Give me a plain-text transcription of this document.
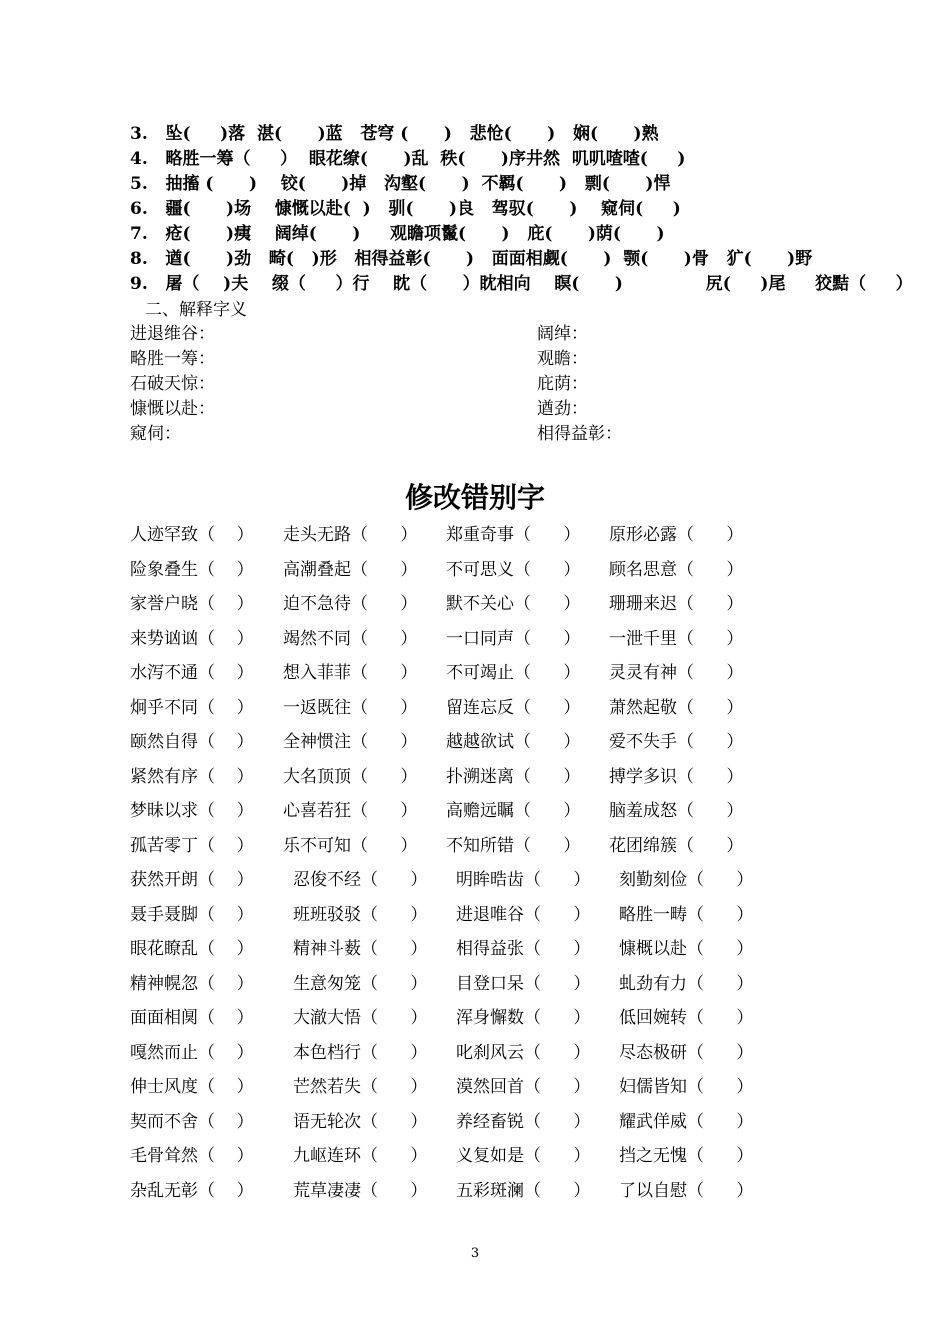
3.   坠(     )落  湛(      )蓝   苍穹 (      )   悲怆(      )   娴(      )熟
4.   略胜一筹（     ）  眼花缭(      )乱  秩(      )序井然  叽叽喳喳(     )
5.   抽搐 (      )    铰(      )掉   沟壑(      )  不羁(      )   剽(      )悍
6.   疆(      )场    慷慨以赴(  )   驯(      )良   驾驭(      )    窥伺(     )
7.   疮(      )痍    阔绰(      )     观瞻项鬣(      )   庇(      )荫(      )
8.   遒(      )劲   畸(   )形   相得益彰(      )   面面相觑(      )  颚(      )骨   犷(      )野
9.   屠（    )夫    缀（     ）行    眈（      ）眈相向    瞑(      )              尻(     )尾     狡黠（     ）
二、解释字义
进退维谷：	阔绰：
略胜一筹：	观瞻：
石破天惊：	庇荫：
慷慨以赴：	遒劲：
窥伺：	相得益彰：
修改错别字
人迹罕致（    ） 走头无路（      ） 郑重奇事（      ） 原形必露（      ）
险象叠生（    ） 高潮叠起（      ） 不可思义（      ） 顾名思意（      ）
家誉户晓（    ） 迫不急待（      ） 默不关心（      ） 珊珊来迟（      ）
来势讻讻（    ） 竭然不同（      ） 一口同声（      ） 一泄千里（      ）
水泻不通（    ） 想入菲菲（      ） 不可竭止（      ） 灵灵有神（      ）
炯乎不同（    ） 一返既往（      ） 留连忘反（      ） 萧然起敬（      ）
颐然自得（    ） 全神惯注（      ） 越越欲试（      ） 爱不失手（      ）
紧然有序（    ） 大名顶顶（      ） 扑溯迷离（      ） 搏学多识（      ）
梦昧以求（    ） 心喜若狂（      ） 高赡远瞩（      ） 脑羞成怒（      ）
孤苦零丁（    ） 乐不可知（      ） 不知所错（      ） 花团绵簇（      ）
获然开朗（    ） 忍俊不经（      ） 明眸晧齿（      ） 刻勤刻俭（      ）
聂手聂脚（    ） 班班驳驳（      ） 进退唯谷（      ） 略胜一畴（      ）
眼花瞭乱（    ） 精神斗薮（      ） 相得益张（      ） 慷概以赴（      ）
精神幌忽（    ） 生意匆笼（      ） 目登口呆（      ） 虬劲有力（      ）
面面相阒（    ） 大澈大悟（      ） 浑身懈数（      ） 低回婉转（      ）
嘎然而止（    ） 本色档行（      ） 叱刹风云（      ） 尽态极研（      ）
伸士风度（    ） 芒然若失（      ） 漠然回首（      ） 妇儒皆知（      ）
契而不舍（    ） 语无轮次（      ） 养经畜锐（      ） 耀武佯威（      ）
毛骨耸然（    ） 九岖连环（      ） 义复如是（      ） 挡之无愧（      ）
杂乱无彰（    ） 荒草凄凄（      ） 五彩斑澜（      ） 了以自慰（      ）
3
